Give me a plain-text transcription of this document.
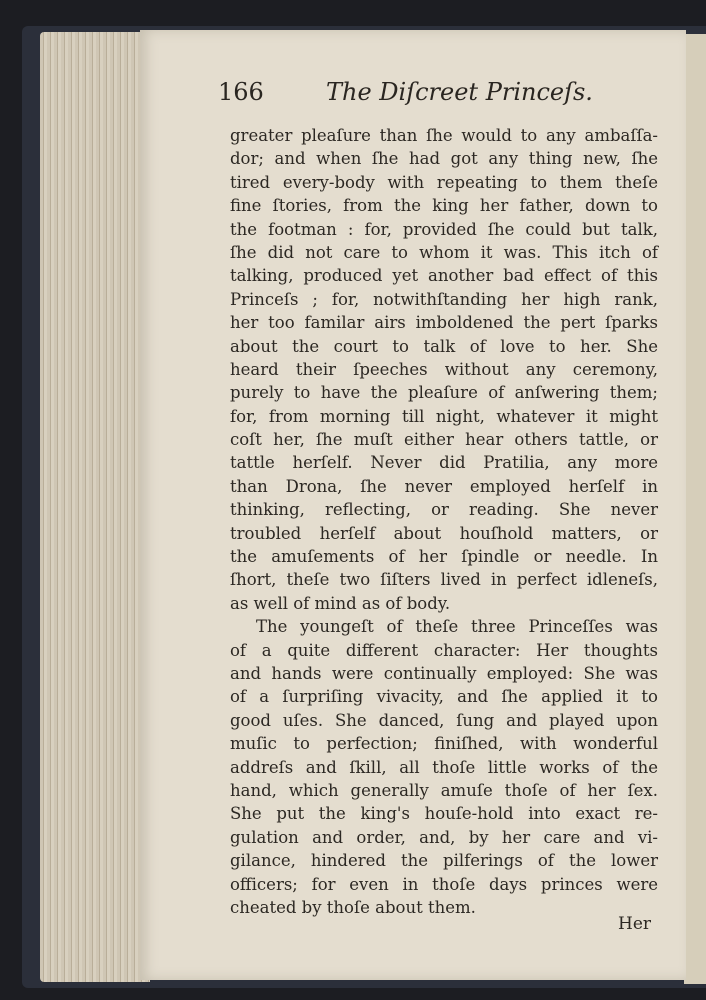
166	The Diſcreet Princeſs.
greater pleaſure than ſhe would to any ambaſſa-
dor; and when ſhe had got any thing new, ſhe
tired every-body with repeating to them theſe
fine ſtories, from the king her father, down to
the footman : for, provided ſhe could but talk,
ſhe did not care to whom it was. This itch of
talking, produced yet another bad effect of this
Princeſs ; for, notwithſtanding her high rank,
her too familar airs imboldened the pert ſparks
about the court to talk of love to her. She
heard their ſpeeches without any ceremony,
purely to have the pleaſure of anſwering them;
for, from morning till night, whatever it might
coſt her, ſhe muſt either hear others tattle, or
tattle herſelf. Never did Pratilia, any more
than Drona, ſhe never employed herſelf in
thinking, reflecting, or reading. She never
troubled herſelf about houſhold matters, or
the amuſements of her ſpindle or needle. In
ſhort, theſe two ſiſters lived in perfect idleneſs,
as well of mind as of body.
The youngeſt of theſe three Princeſſes was
of a quite different character: Her thoughts
and hands were continually employed: She was
of a ſurpriſing vivacity, and ſhe applied it to
good uſes. She danced, ſung and played upon
muſic to perfection; finiſhed, with wonderful
addreſs and ſkill, all thoſe little works of the
hand, which generally amuſe thoſe of her ſex.
She put the king's houſe-hold into exact re-
gulation and order, and, by her care and vi-
gilance, hindered the pilferings of the lower
officers; for even in thoſe days princes were
cheated by thoſe about them.
Her
